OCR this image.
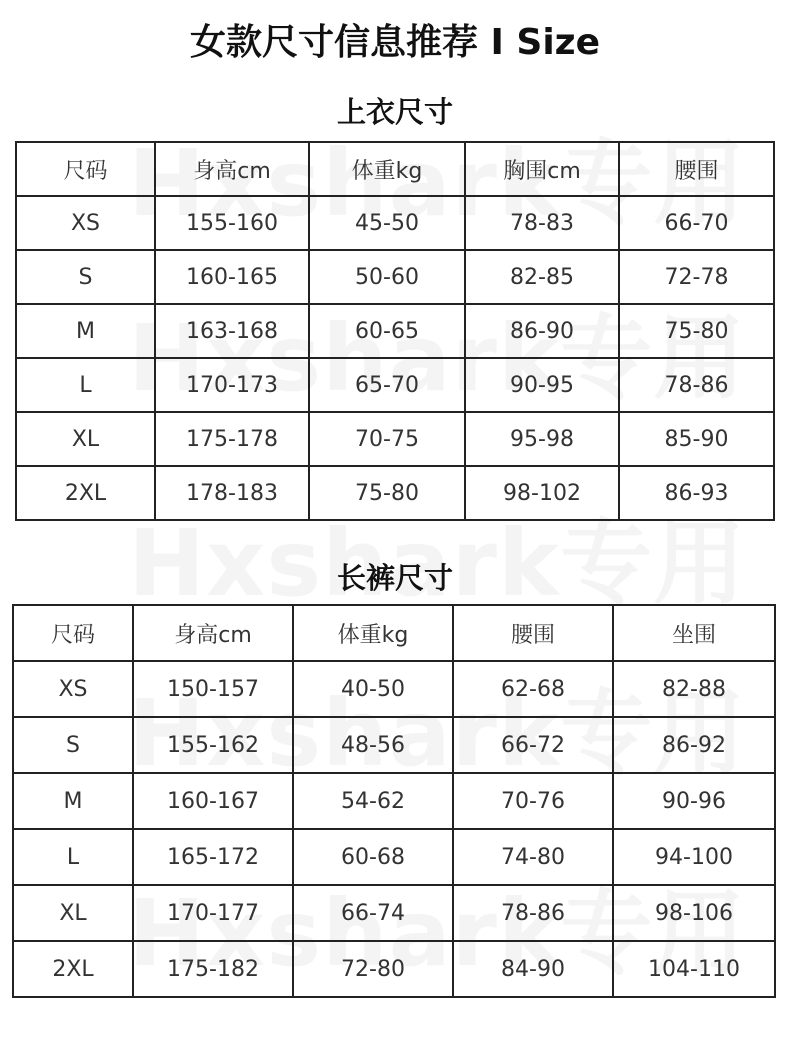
女款尺寸信息推荐 I Size
上衣尺寸
尺码	身高cm	体重kg	胸围cm	腰围
XS	155-160	45-50	78-83	66-70
S	160-165	50-60	82-85	72-78
M	163-168	60-65	86-90	75-80
L	170-173	65-70	90-95	78-86
XL	175-178	70-75	95-98	85-90
2XL	178-183	75-80	98-102	86-93
长裤尺寸
尺码	身高cm	体重kg	腰围	坐围
XS	150-157	40-50	62-68	82-88
S	155-162	48-56	66-72	86-92
M	160-167	54-62	70-76	90-96
L	165-172	60-68	74-80	94-100
XL	170-177	66-74	78-86	98-106
2XL	175-182	72-80	84-90	104-110
